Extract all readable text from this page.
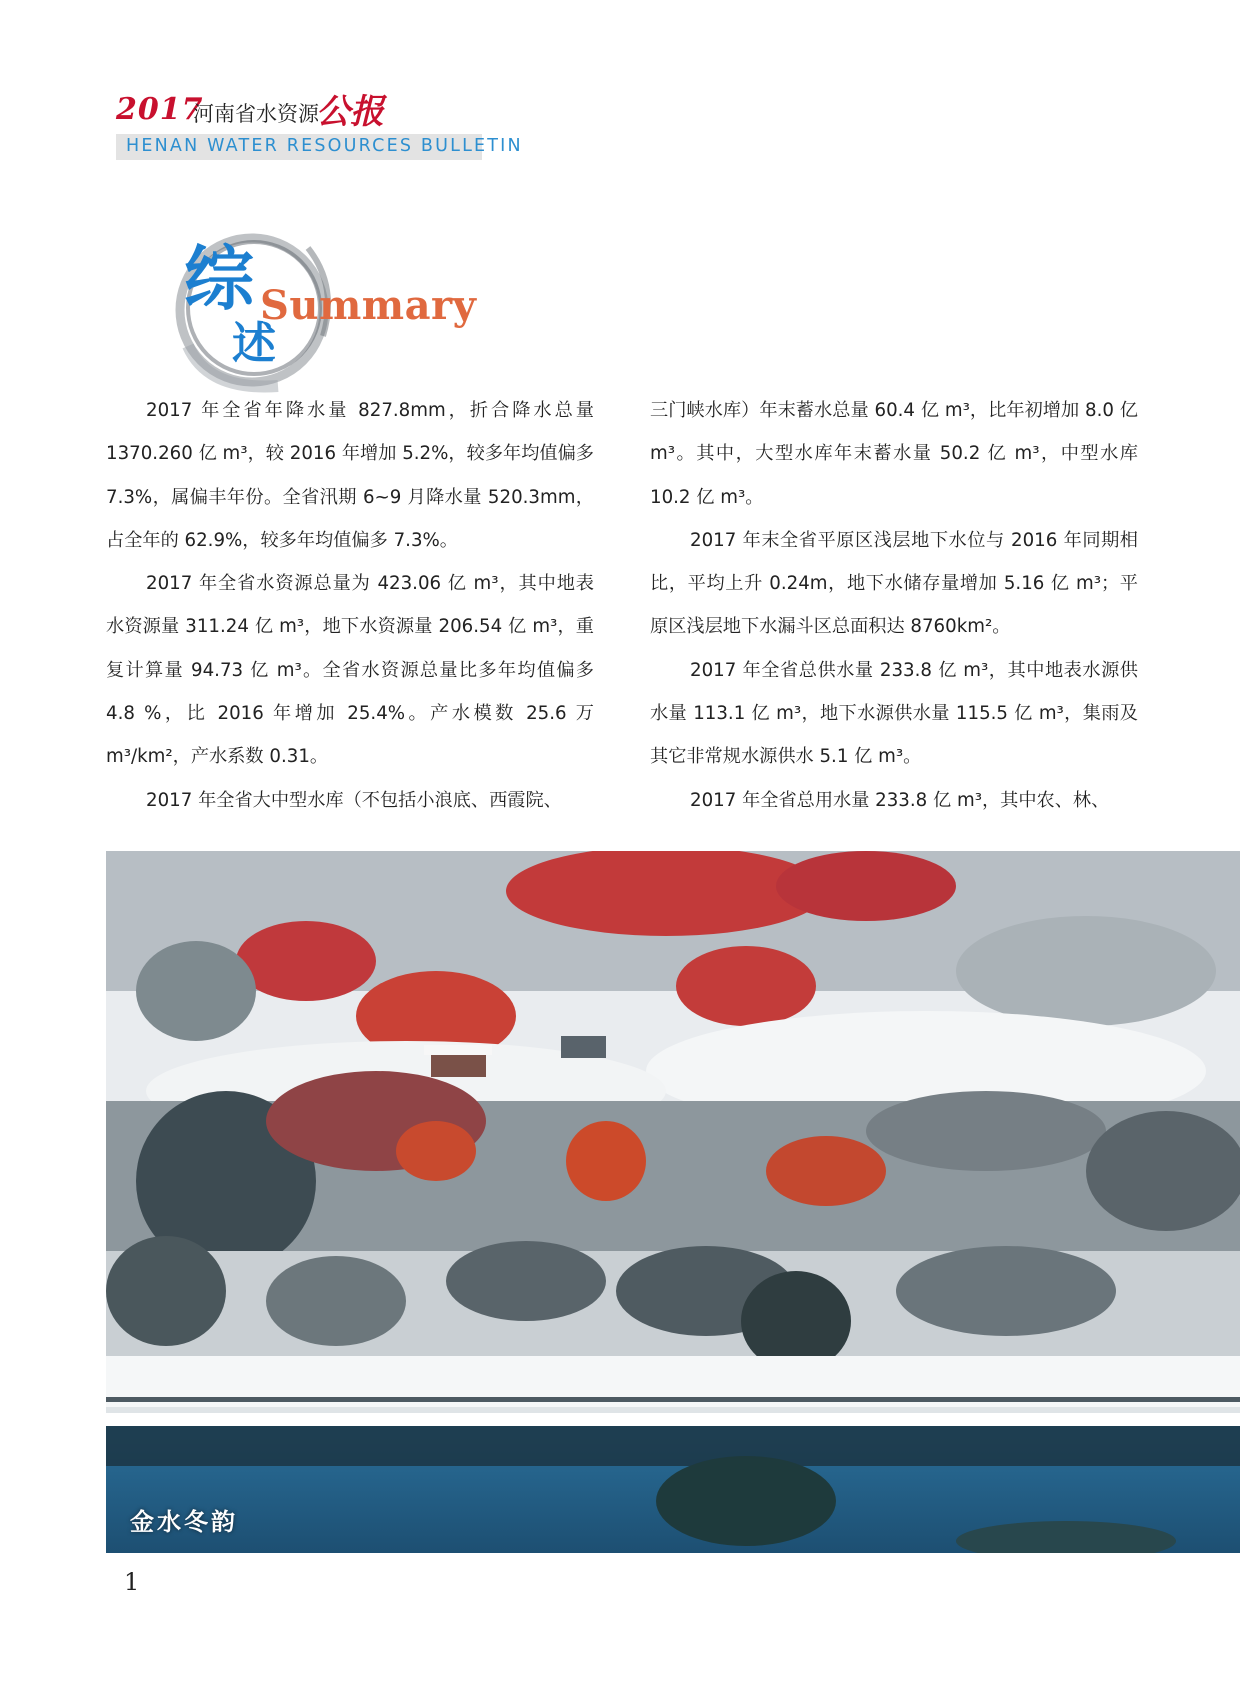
2017
河南省水资源
公报
HENAN WATER RESOURCES BULLETIN
综
述
Summary

2017 年全省年降水量 827.8mm，折合降水总量 1370.260 亿 m³，较 2016 年增加 5.2%，较多年均值偏多 7.3%，属偏丰年份。全省汛期 6~9 月降水量 520.3mm，占全年的 62.9%，较多年均值偏多 7.3%。

2017 年全省水资源总量为 423.06 亿 m³，其中地表水资源量 311.24 亿 m³，地下水资源量 206.54 亿 m³，重复计算量 94.73 亿 m³。全省水资源总量比多年均值偏多 4.8 %，比 2016 年增加 25.4%。产水模数 25.6 万 m³/km²，产水系数 0.31。

2017 年全省大中型水库（不包括小浪底、西霞院、

三门峡水库）年末蓄水总量 60.4 亿 m³，比年初增加 8.0 亿 m³。其中，大型水库年末蓄水量 50.2 亿 m³，中型水库 10.2 亿 m³。

2017 年末全省平原区浅层地下水位与 2016 年同期相比，平均上升 0.24m，地下水储存量增加 5.16 亿 m³；平原区浅层地下水漏斗区总面积达 8760km²。

2017 年全省总供水量 233.8 亿 m³，其中地表水源供水量 113.1 亿 m³，地下水源供水量 115.5 亿 m³，集雨及其它非常规水源供水 5.1 亿 m³。

2017 年全省总用水量 233.8 亿 m³，其中农、林、

金水冬韵
1
